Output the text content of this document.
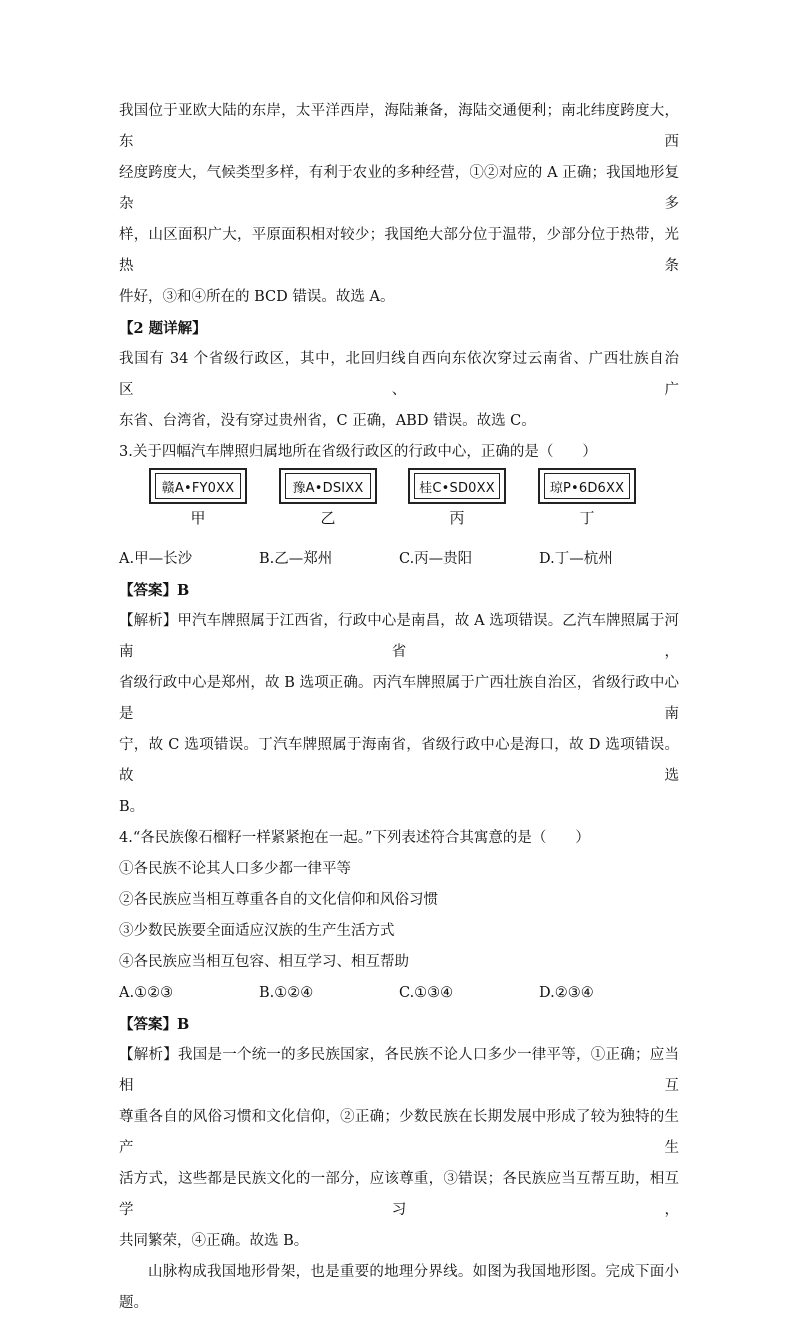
我国位于亚欧大陆的东岸，太平洋西岸，海陆兼备，海陆交通便利；南北纬度跨度大，东西

经度跨度大，气候类型多样，有利于农业的多种经营，①②对应的 A 正确；我国地形复杂多

样，山区面积广大，平原面积相对较少；我国绝大部分位于温带，少部分位于热带，光热条

件好，③和④所在的 BCD 错误。故选 A。

【2 题详解】

我国有 34 个省级行政区，其中，北回归线自西向东依次穿过云南省、广西壮族自治区、广

东省、台湾省，没有穿过贵州省，C 正确，ABD 错误。故选 C。

3.关于四幅汽车牌照归属地所在省级行政区的行政中心，正确的是（　　）

赣A•FY0XX
甲
豫A•DSIXX
乙
桂C•SD0XX
丙
琼P•6D6XX
丁
A.甲—长沙	B.乙—郑州	C.丙—贵阳	D.丁—杭州

【答案】B

【解析】甲汽车牌照属于江西省，行政中心是南昌，故 A 选项错误。乙汽车牌照属于河南省，

省级行政中心是郑州，故 B 选项正确。丙汽车牌照属于广西壮族自治区，省级行政中心是南

宁，故 C 选项错误。丁汽车牌照属于海南省，省级行政中心是海口，故 D 选项错误。故选

B。

4.“各民族像石榴籽一样紧紧抱在一起。”下列表述符合其寓意的是（　　）

①各民族不论其人口多少都一律平等

②各民族应当相互尊重各自的文化信仰和风俗习惯

③少数民族要全面适应汉族的生产生活方式

④各民族应当相互包容、相互学习、相互帮助

A.①②③	B.①②④	C.①③④	D.②③④

【答案】B

【解析】我国是一个统一的多民族国家，各民族不论人口多少一律平等，①正确；应当相互

尊重各自的风俗习惯和文化信仰，②正确；少数民族在长期发展中形成了较为独特的生产生

活方式，这些都是民族文化的一部分，应该尊重，③错误；各民族应当互帮互助，相互学习，

共同繁荣，④正确。故选 B。

山脉构成我国地形骨架，也是重要的地理分界线。如图为我国地形图。完成下面小题。
